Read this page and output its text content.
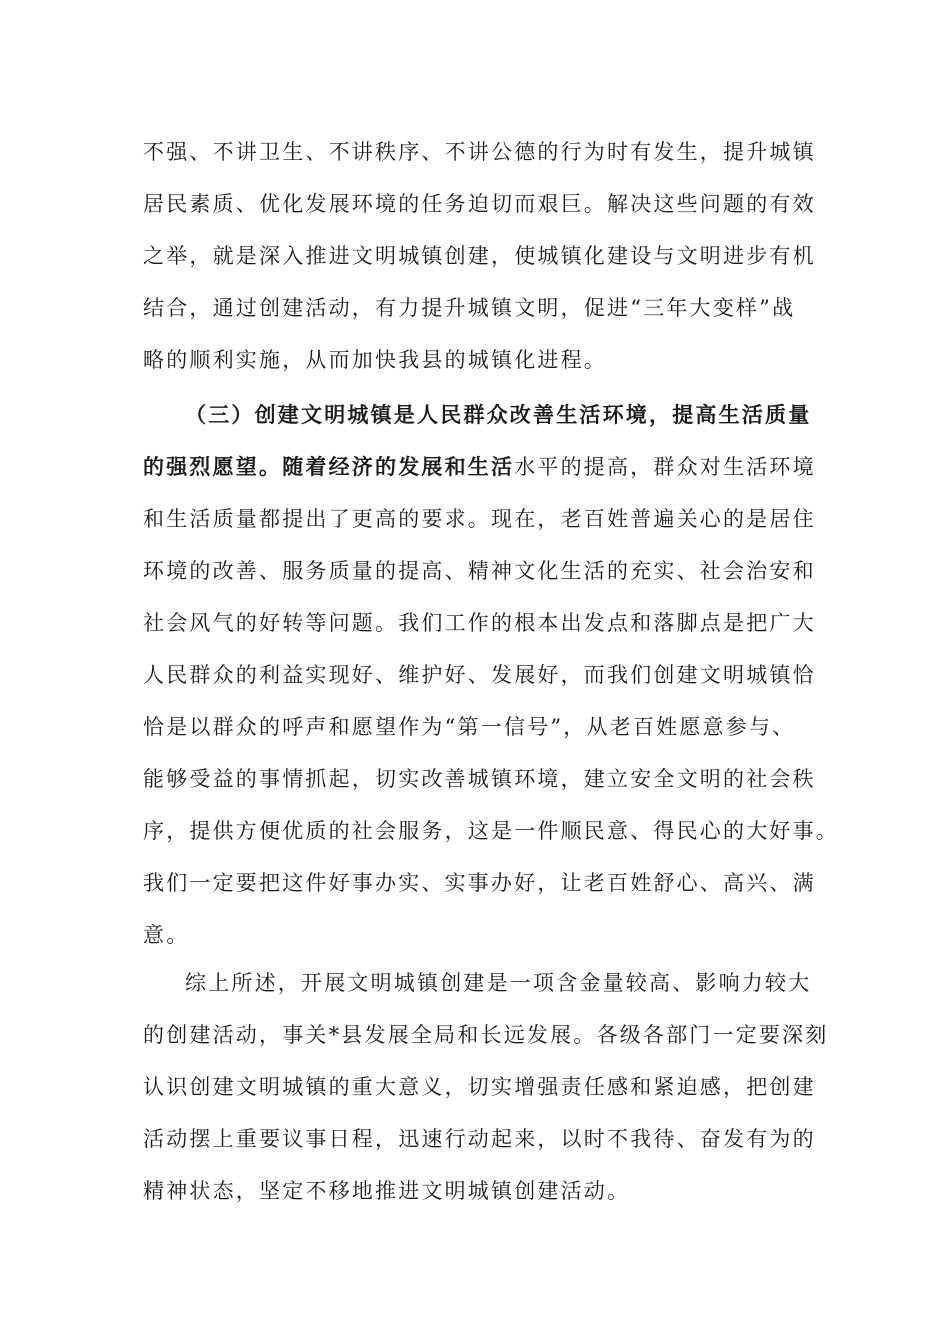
不强、不讲卫生、不讲秩序、不讲公德的行为时有发生，提升城镇
居民素质、优化发展环境的任务迫切而艰巨。解决这些问题的有效
之举，就是深入推进文明城镇创建，使城镇化建设与文明进步有机
结合，通过创建活动，有力提升城镇文明，促进“三年大变样”战
略的顺利实施，从而加快我县的城镇化进程。
（三）创建文明城镇是人民群众改善生活环境，提高生活质量
的强烈愿望。随着经济的发展和生活水平的提高，群众对生活环境
和生活质量都提出了更高的要求。现在，老百姓普遍关心的是居住
环境的改善、服务质量的提高、精神文化生活的充实、社会治安和
社会风气的好转等问题。我们工作的根本出发点和落脚点是把广大
人民群众的利益实现好、维护好、发展好，而我们创建文明城镇恰
恰是以群众的呼声和愿望作为“第一信号”，从老百姓愿意参与、
能够受益的事情抓起，切实改善城镇环境，建立安全文明的社会秩
序，提供方便优质的社会服务，这是一件顺民意、得民心的大好事。
我们一定要把这件好事办实、实事办好，让老百姓舒心、高兴、满
意。
综上所述，开展文明城镇创建是一项含金量较高、影响力较大
的创建活动，事关*县发展全局和长远发展。各级各部门一定要深刻
认识创建文明城镇的重大意义，切实增强责任感和紧迫感，把创建
活动摆上重要议事日程，迅速行动起来，以时不我待、奋发有为的
精神状态，坚定不移地推进文明城镇创建活动。
